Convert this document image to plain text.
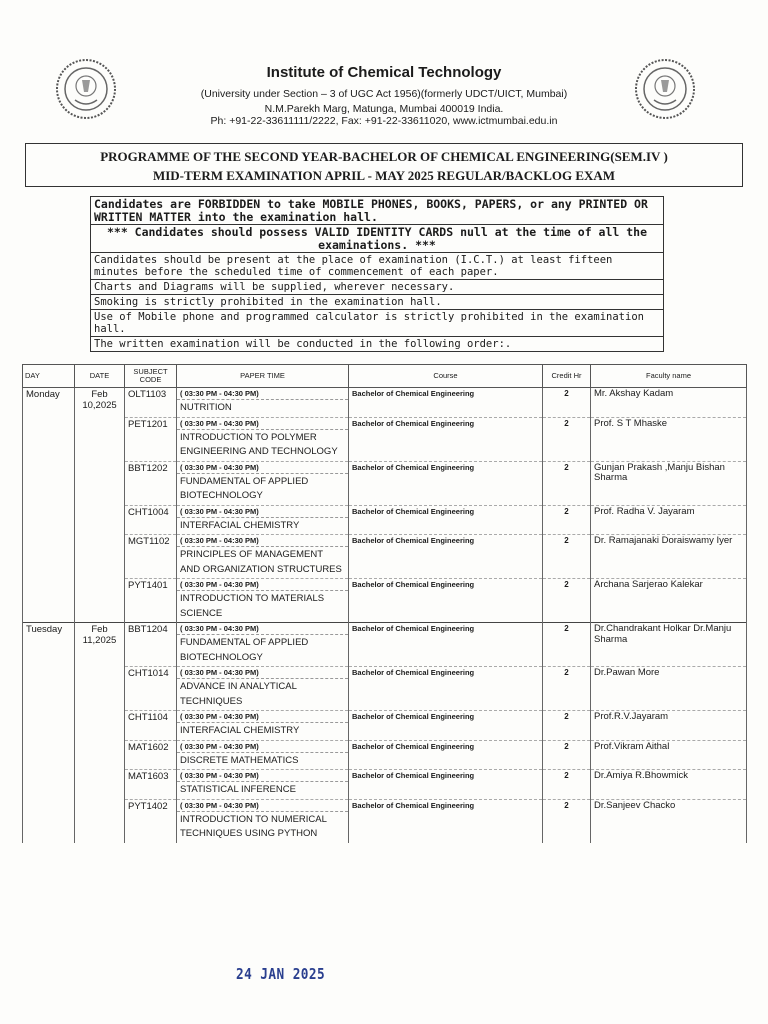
Institute of Chemical Technology
(University under Section – 3 of UGC Act 1956)(formerly UDCT/UICT, Mumbai)
N.M.Parekh Marg, Matunga, Mumbai 400019 India.
Ph: +91-22-33611111/2222, Fax: +91-22-33611020, www.ictmumbai.edu.in
PROGRAMME OF THE SECOND YEAR-BACHELOR OF CHEMICAL ENGINEERING(SEM.IV )
MID-TERM EXAMINATION APRIL - MAY 2025 REGULAR/BACKLOG EXAM
Candidates are FORBIDDEN to take MOBILE PHONES, BOOKS, PAPERS, or any PRINTED OR WRITTEN MATTER into the examination hall.
*** Candidates should possess VALID IDENTITY CARDS null at the time of all the examinations. ***
Candidates should be present at the place of examination (I.C.T.) at least fifteen minutes before the scheduled time of commencement of each paper.
Charts and Diagrams will be supplied, wherever necessary.
Smoking is strictly prohibited in the examination hall.
Use of Mobile phone and programmed calculator is strictly prohibited in the examination hall.
The written examination will be conducted in the following order:.
DAY	DATE	SUBJECT CODE	PAPER TIME	Course	Credit Hr	Faculty name
Monday	Feb 10,2025	OLT1103	( 03:30 PM - 04:30 PM)	Bachelor of Chemical Engineering	2	Mr. Akshay Kadam
			NUTRITION			
		PET1201	( 03:30 PM - 04:30 PM)	Bachelor of Chemical Engineering	2	Prof. S T Mhaske
			INTRODUCTION TO POLYMER ENGINEERING AND TECHNOLOGY			
		BBT1202	( 03:30 PM - 04:30 PM)	Bachelor of Chemical Engineering	2	Gunjan Prakash ,Manju Bishan Sharma
			FUNDAMENTAL OF APPLIED BIOTECHNOLOGY			
		CHT1004	( 03:30 PM - 04:30 PM)	Bachelor of Chemical Engineering	2	Prof. Radha V. Jayaram
			INTERFACIAL CHEMISTRY			
		MGT1102	( 03:30 PM - 04:30 PM)	Bachelor of Chemical Engineering	2	Dr. Ramajanaki Doraiswamy Iyer
			PRINCIPLES OF MANAGEMENT AND ORGANIZATION STRUCTURES			
		PYT1401	( 03:30 PM - 04:30 PM)	Bachelor of Chemical Engineering	2	Archana Sarjerao Kalekar
			INTRODUCTION TO MATERIALS SCIENCE			
Tuesday	Feb 11,2025	BBT1204	( 03:30 PM - 04:30 PM)	Bachelor of Chemical Engineering	2	Dr.Chandrakant Holkar Dr.Manju Sharma
			FUNDAMENTAL OF APPLIED BIOTECHNOLOGY			
		CHT1014	( 03:30 PM - 04:30 PM)	Bachelor of Chemical Engineering	2	Dr.Pawan More
			ADVANCE IN ANALYTICAL TECHNIQUES			
		CHT1104	( 03:30 PM - 04:30 PM)	Bachelor of Chemical Engineering	2	Prof.R.V.Jayaram
			INTERFACIAL CHEMISTRY			
		MAT1602	( 03:30 PM - 04:30 PM)	Bachelor of Chemical Engineering	2	Prof.Vikram Aithal
			DISCRETE MATHEMATICS			
		MAT1603	( 03:30 PM - 04:30 PM)	Bachelor of Chemical Engineering	2	Dr.Amiya R.Bhowmick
			STATISTICAL INFERENCE			
		PYT1402	( 03:30 PM - 04:30 PM)	Bachelor of Chemical Engineering	2	Dr.Sanjeev Chacko
			INTRODUCTION TO NUMERICAL TECHNIQUES USING PYTHON			
24 JAN 2025
